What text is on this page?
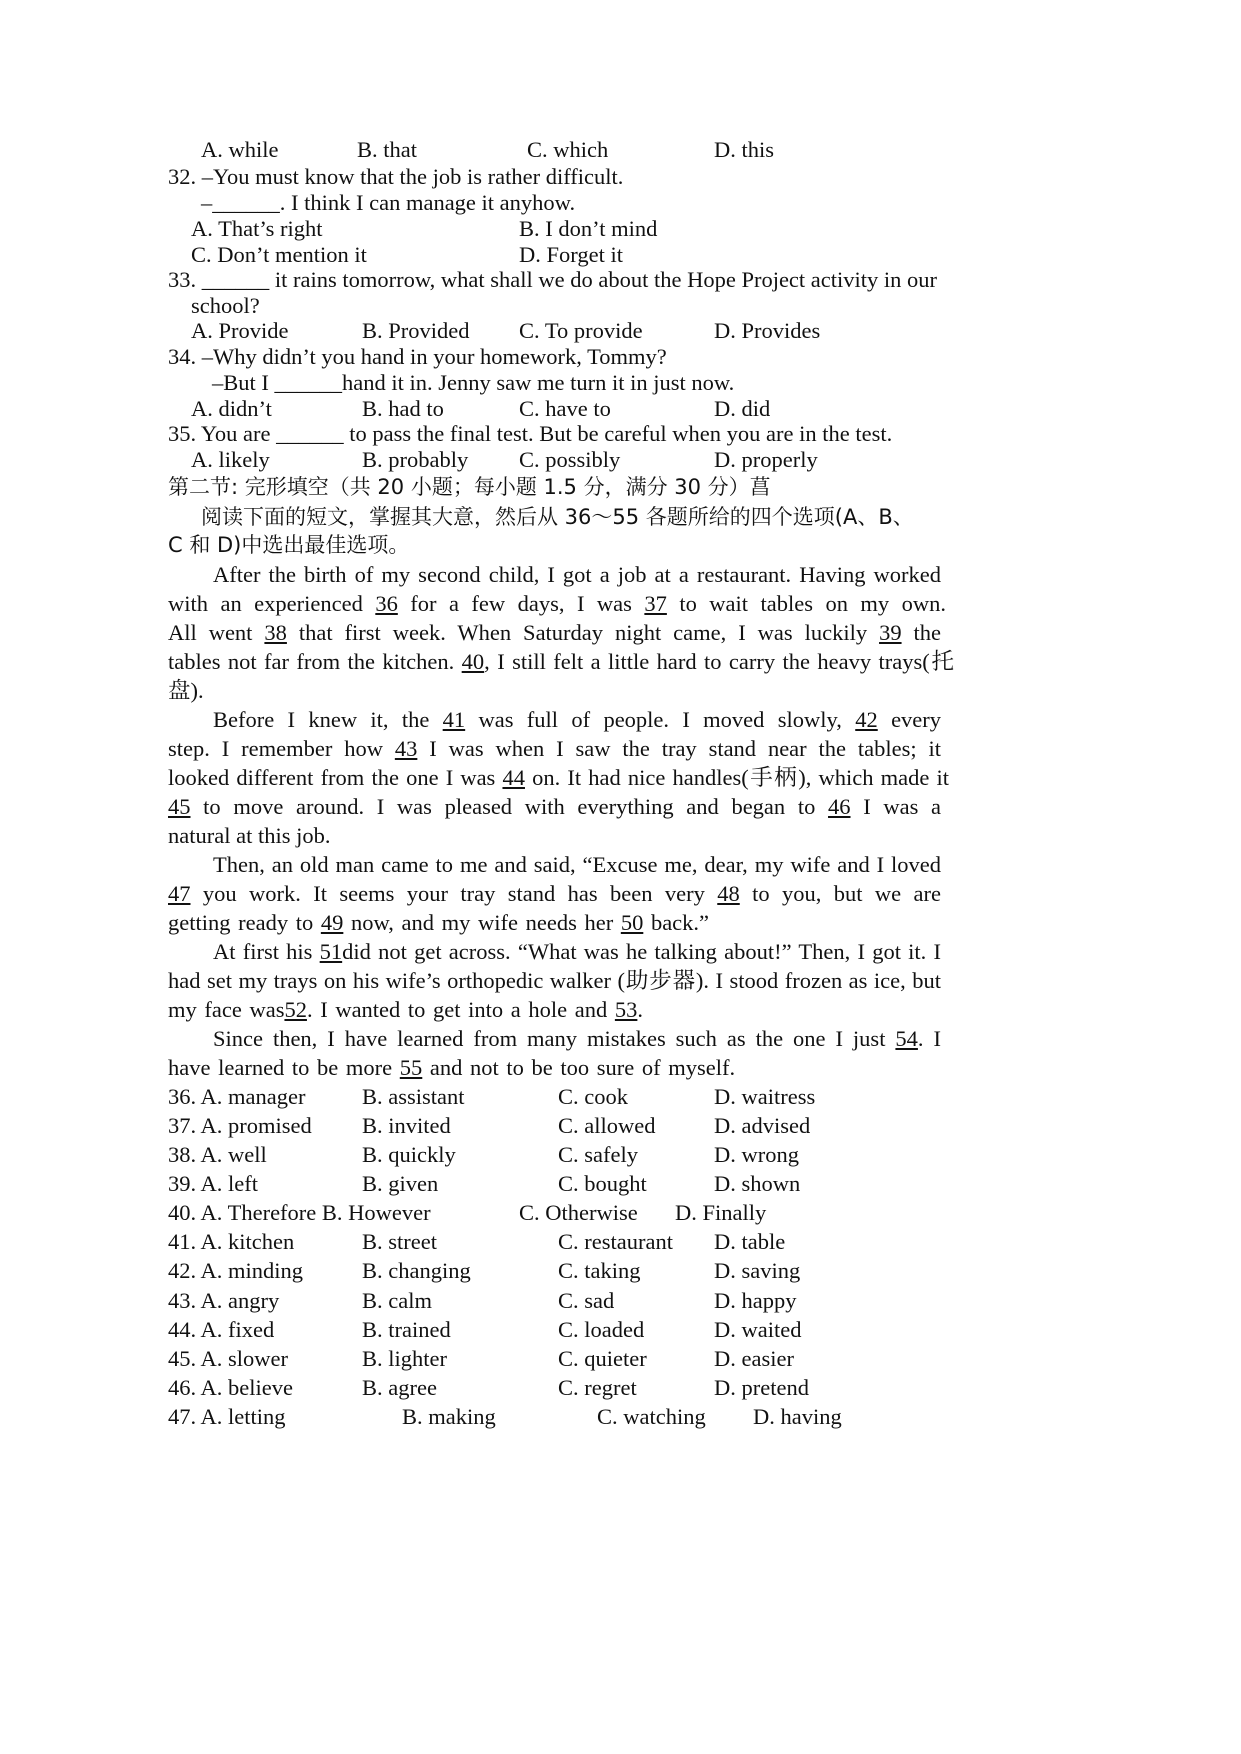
A. while	B. that	C. which	D. this
32. –You must know that the job is rather difficult.
–______. I think I can manage it anyhow.
A. That’s right	B. I don’t mind
C. Don’t mention it	D. Forget it
33. ______ it rains tomorrow, what shall we do about the Hope Project activity in our
school?
A. Provide	B. Provided C. To provide	D. Provides
34. –Why didn’t you hand in your homework, Tommy?
–But I ______hand it in. Jenny saw me turn it in just now.
A. didn’t	B. had to	C. have to	D. did
35. You are ______ to pass the final test. But be careful when you are in the test.
A. likely	B. probably C. possibly	D. properly
第二节: 完形填空（共 20 小题；每小题 1.5 分，满分 30 分）菖
阅读下面的短文，掌握其大意，然后从 36～55 各题所给的四个选项(A、B、
C 和 D)中选出最佳选项。
After the birth of my second child, I got a job at a restaurant. Having worked
with an experienced 36 for a few days, I was 37 to wait tables on my own.
All went 38 that first week. When Saturday night came, I was luckily 39 the
tables not far from the kitchen. 40, I still felt a little hard to carry the heavy trays(托
盘).
Before I knew it, the 41 was full of people. I moved slowly, 42 every
step. I remember how 43 I was when I saw the tray stand near the tables; it
looked different from the one I was 44 on. It had nice handles(手柄), which made it
45 to move around. I was pleased with everything and began to 46 I was a
natural at this job.
Then, an old man came to me and said, “Excuse me, dear, my wife and I loved
47 you work. It seems your tray stand has been very 48 to you, but we are
getting ready to 49 now, and my wife needs her 50 back.”
At first his 51did not get across. “What was he talking about!” Then, I got it. I
had set my trays on his wife’s orthopedic walker (助步器). I stood frozen as ice, but
my face was52. I wanted to get into a hole and 53.
Since then, I have learned from many mistakes such as the one I just 54. I
have learned to be more 55 and not to be too sure of myself.
36. A. manager	B. assistant	C. cook	D. waitress
37. A. promised B. invited	C. allowed	D. advised
38. A. well	B. quickly	C. safely	D. wrong
39. A. left	B. given	C. bought	D. shown
40. A. Therefore B. However	C. Otherwise D. Finally
41. A. kitchen	B. street	C. restaurant D. table
42. A. minding	B. changing	C. taking	D. saving
43. A. angry	B. calm	C. sad	D. happy
44. A. fixed	B. trained	C. loaded	D. waited
45. A. slower	B. lighter	C. quieter	D. easier
46. A. believe	B. agree	C. regret	D. pretend
47. A. letting	B. making	C. watching D. having
